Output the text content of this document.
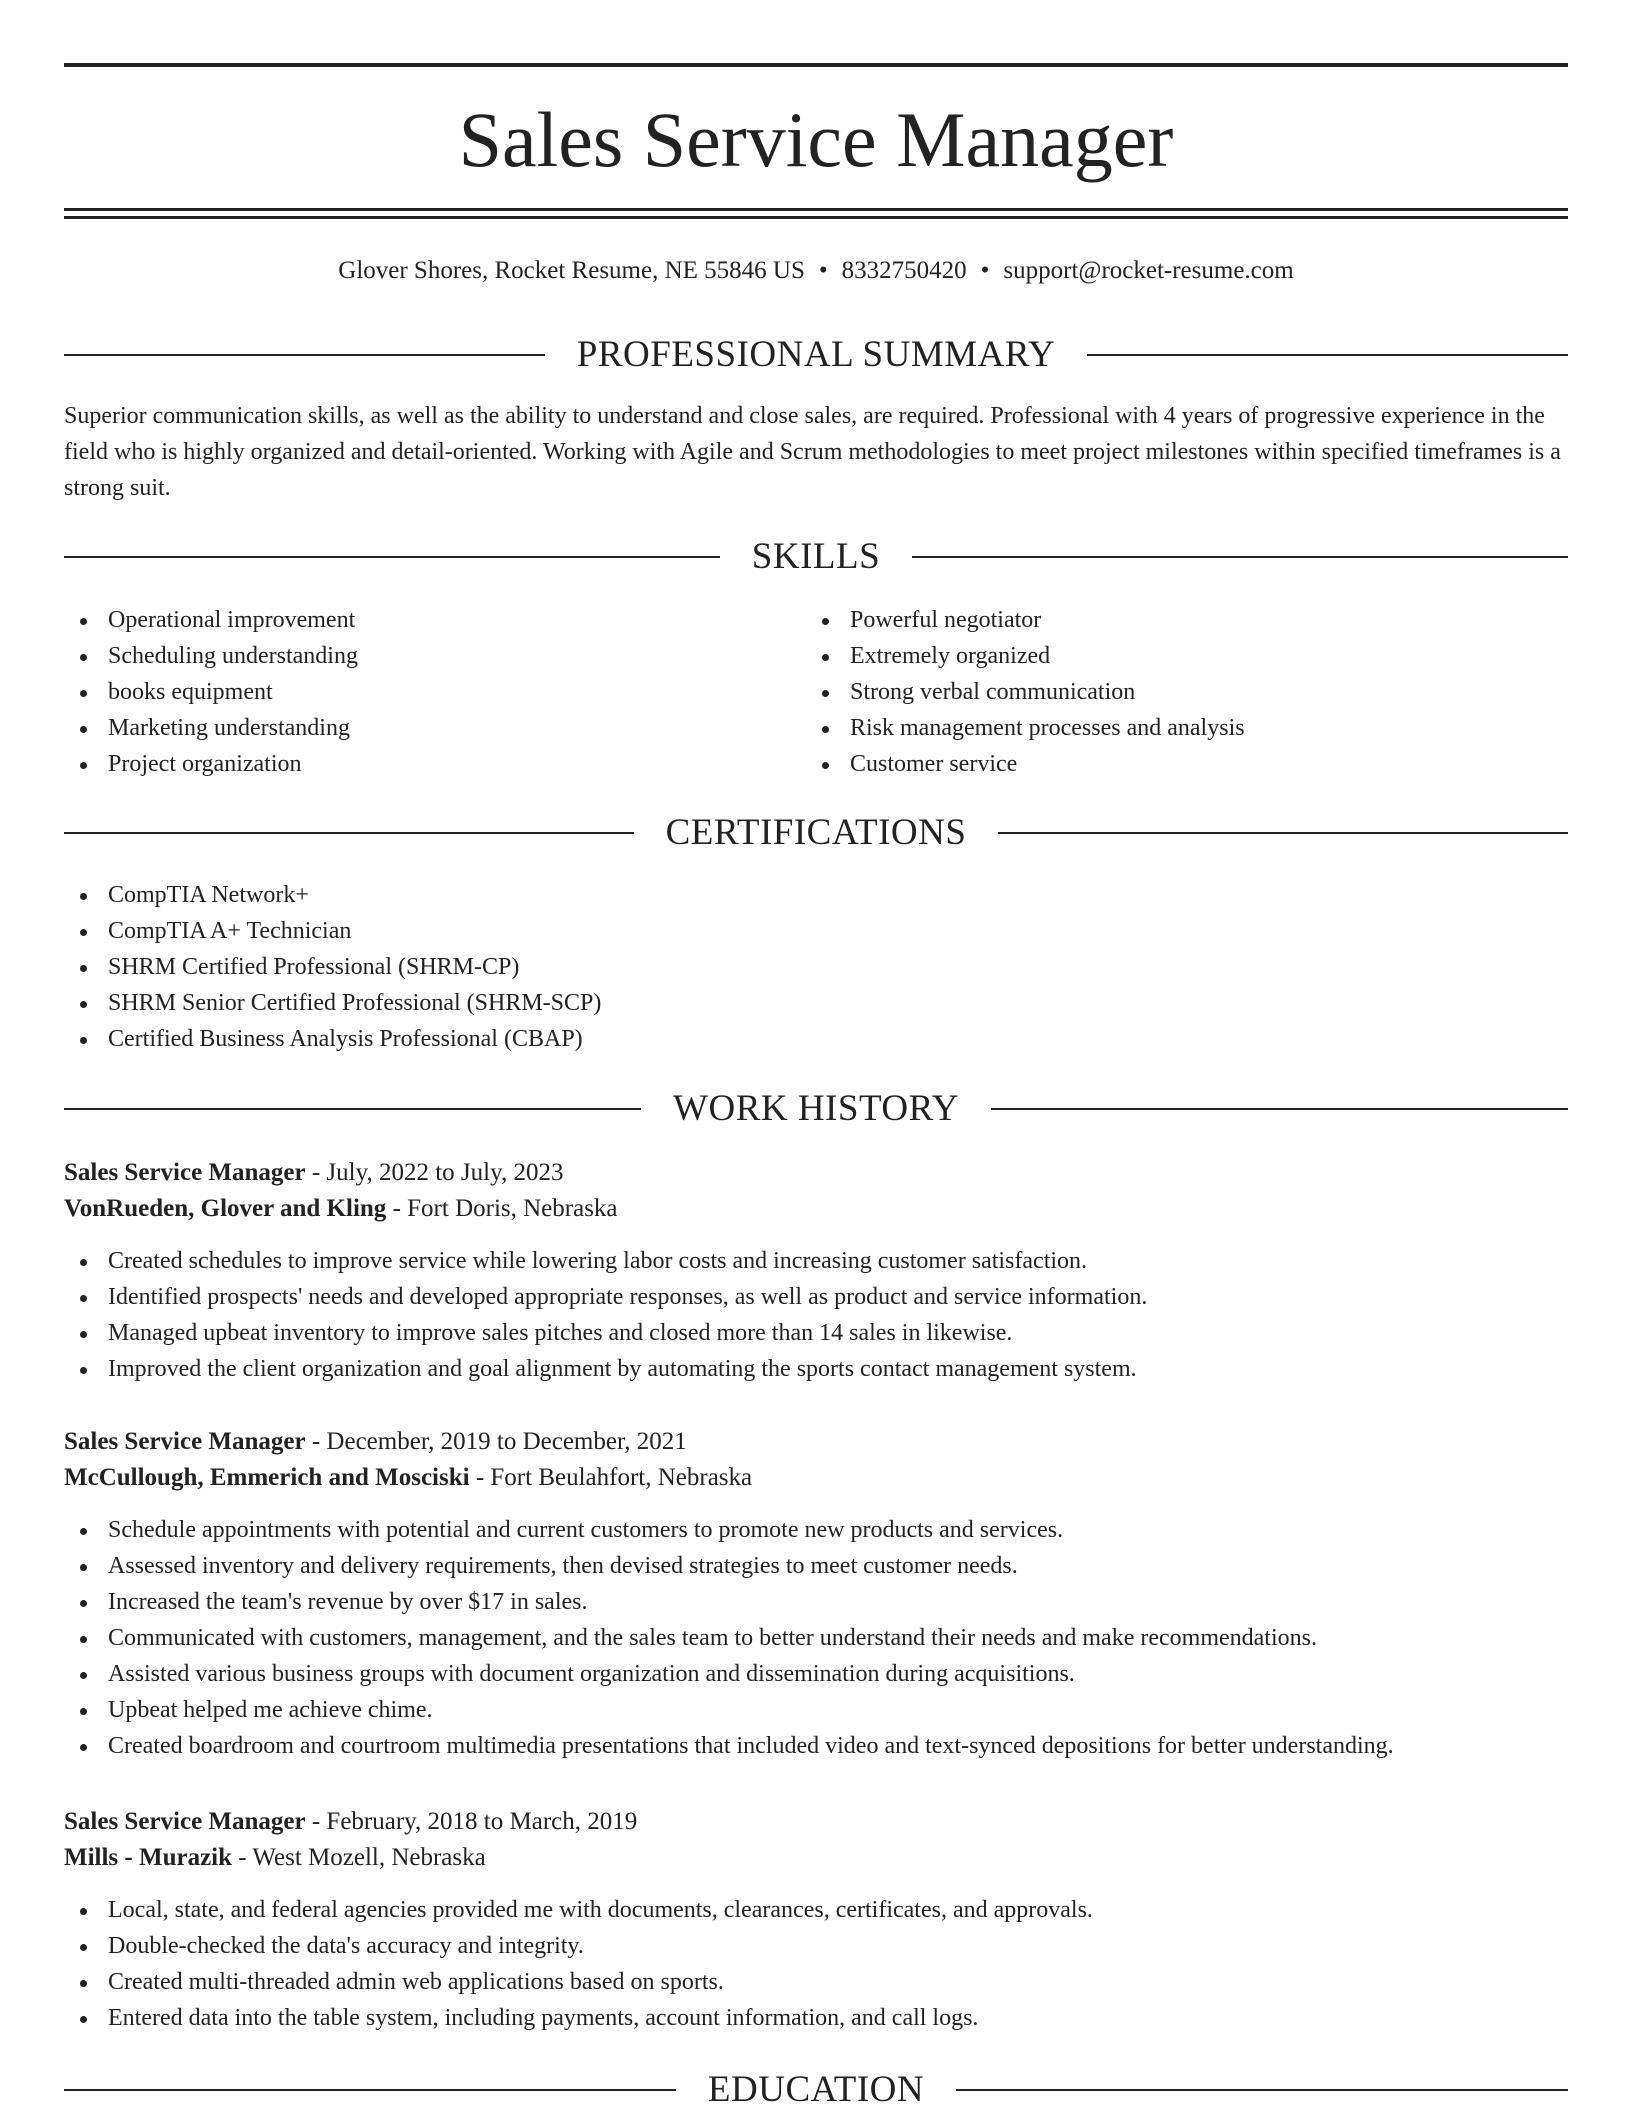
Sales Service Manager
Glover Shores, Rocket Resume, NE 55846 US • 8332750420 • support@rocket-resume.com
PROFESSIONAL SUMMARY

Superior communication skills, as well as the ability to understand and close sales, are required. Professional with 4 years of progressive experience in the field who is highly organized and detail-oriented. Working with Agile and Scrum methodologies to meet project milestones within specified timeframes is a strong suit.

SKILLS
Operational improvement
Scheduling understanding
books equipment
Marketing understanding
Project organization
Powerful negotiator
Extremely organized
Strong verbal communication
Risk management processes and analysis
Customer service
CERTIFICATIONS
CompTIA Network+
CompTIA A+ Technician
SHRM Certified Professional (SHRM-CP)
SHRM Senior Certified Professional (SHRM-SCP)
Certified Business Analysis Professional (CBAP)
WORK HISTORY
Sales Service Manager - July, 2022 to July, 2023
VonRueden, Glover and Kling - Fort Doris, Nebraska
Created schedules to improve service while lowering labor costs and increasing customer satisfaction.
Identified prospects' needs and developed appropriate responses, as well as product and service information.
Managed upbeat inventory to improve sales pitches and closed more than 14 sales in likewise.
Improved the client organization and goal alignment by automating the sports contact management system.
Sales Service Manager - December, 2019 to December, 2021
McCullough, Emmerich and Mosciski - Fort Beulahfort, Nebraska
Schedule appointments with potential and current customers to promote new products and services.
Assessed inventory and delivery requirements, then devised strategies to meet customer needs.
Increased the team's revenue by over $17 in sales.
Communicated with customers, management, and the sales team to better understand their needs and make recommendations.
Assisted various business groups with document organization and dissemination during acquisitions.
Upbeat helped me achieve chime.
Created boardroom and courtroom multimedia presentations that included video and text-synced depositions for better understanding.
Sales Service Manager - February, 2018 to March, 2019
Mills - Murazik - West Mozell, Nebraska
Local, state, and federal agencies provided me with documents, clearances, certificates, and approvals.
Double-checked the data's accuracy and integrity.
Created multi-threaded admin web applications based on sports.
Entered data into the table system, including payments, account information, and call logs.
EDUCATION
